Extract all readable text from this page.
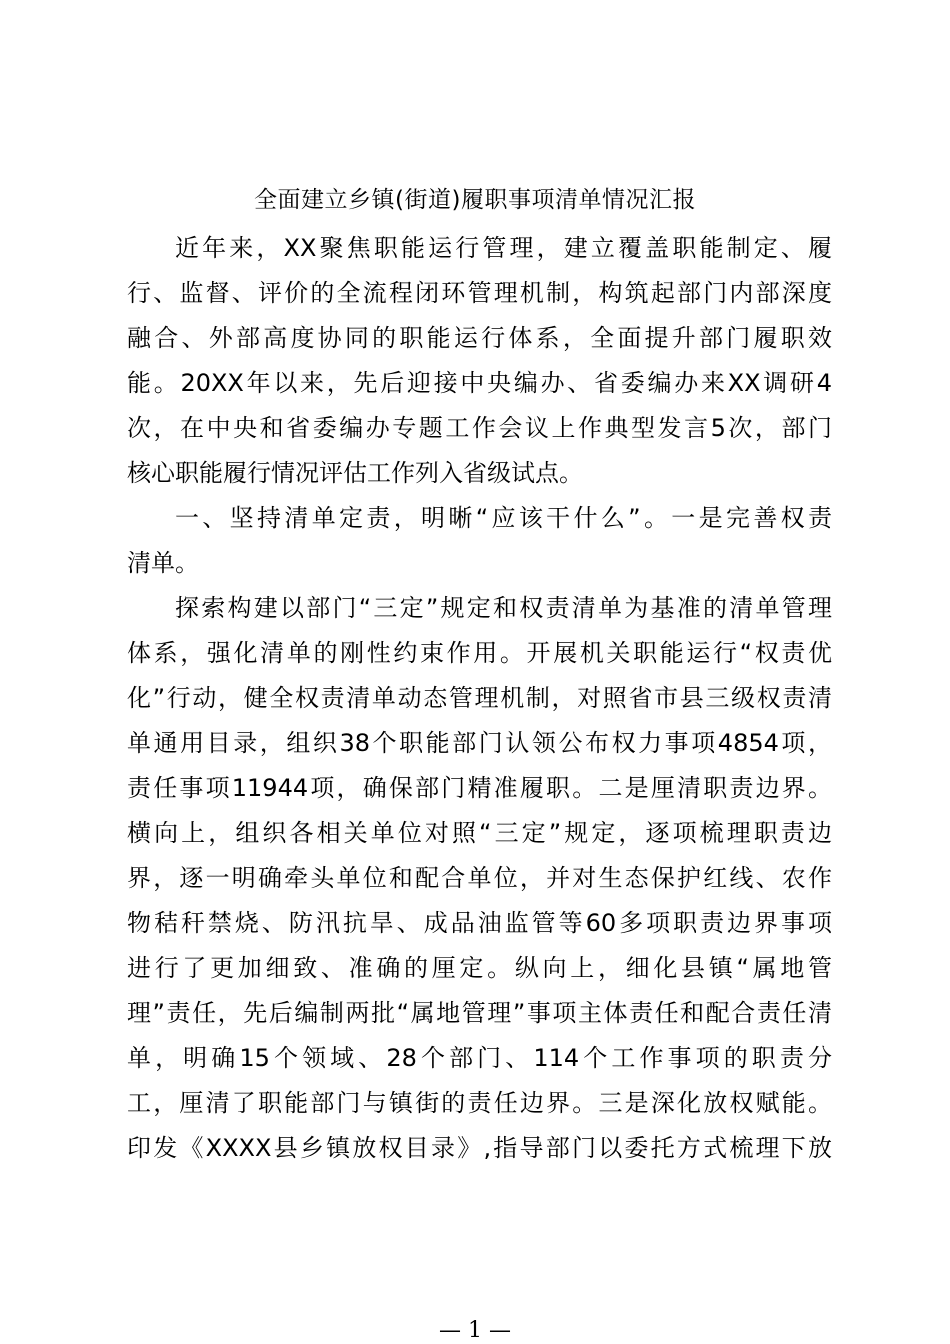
全面建立乡镇(街道)履职事项清单情况汇报
近年来，XX聚焦职能运行管理，建立覆盖职能制定、履
行、监督、评价的全流程闭环管理机制，构筑起部门内部深度
融合、外部高度协同的职能运行体系，全面提升部门履职效
能。20XX年以来，先后迎接中央编办、省委编办来XX调研4
次，在中央和省委编办专题工作会议上作典型发言5次，部门
核心职能履行情况评估工作列入省级试点。
一、坚持清单定责，明晰“应该干什么”。一是完善权责
清单。
探索构建以部门“三定”规定和权责清单为基准的清单管理
体系，强化清单的刚性约束作用。开展机关职能运行“权责优
化”行动，健全权责清单动态管理机制，对照省市县三级权责清
单通用目录，组织38个职能部门认领公布权力事项4854项，
责任事项11944项，确保部门精准履职。二是厘清职责边界。
横向上，组织各相关单位对照“三定”规定，逐项梳理职责边
界，逐一明确牵头单位和配合单位，并对生态保护红线、农作
物秸秆禁烧、防汛抗旱、成品油监管等60多项职责边界事项
进行了更加细致、准确的厘定。纵向上，细化县镇“属地管
理”责任，先后编制两批“属地管理”事项主体责任和配合责任清
单，明确15个领域、28个部门、114个工作事项的职责分
工，厘清了职能部门与镇街的责任边界。三是深化放权赋能。
印发《XXXX县乡镇放权目录》,指导部门以委托方式梳理下放
— 1 —
